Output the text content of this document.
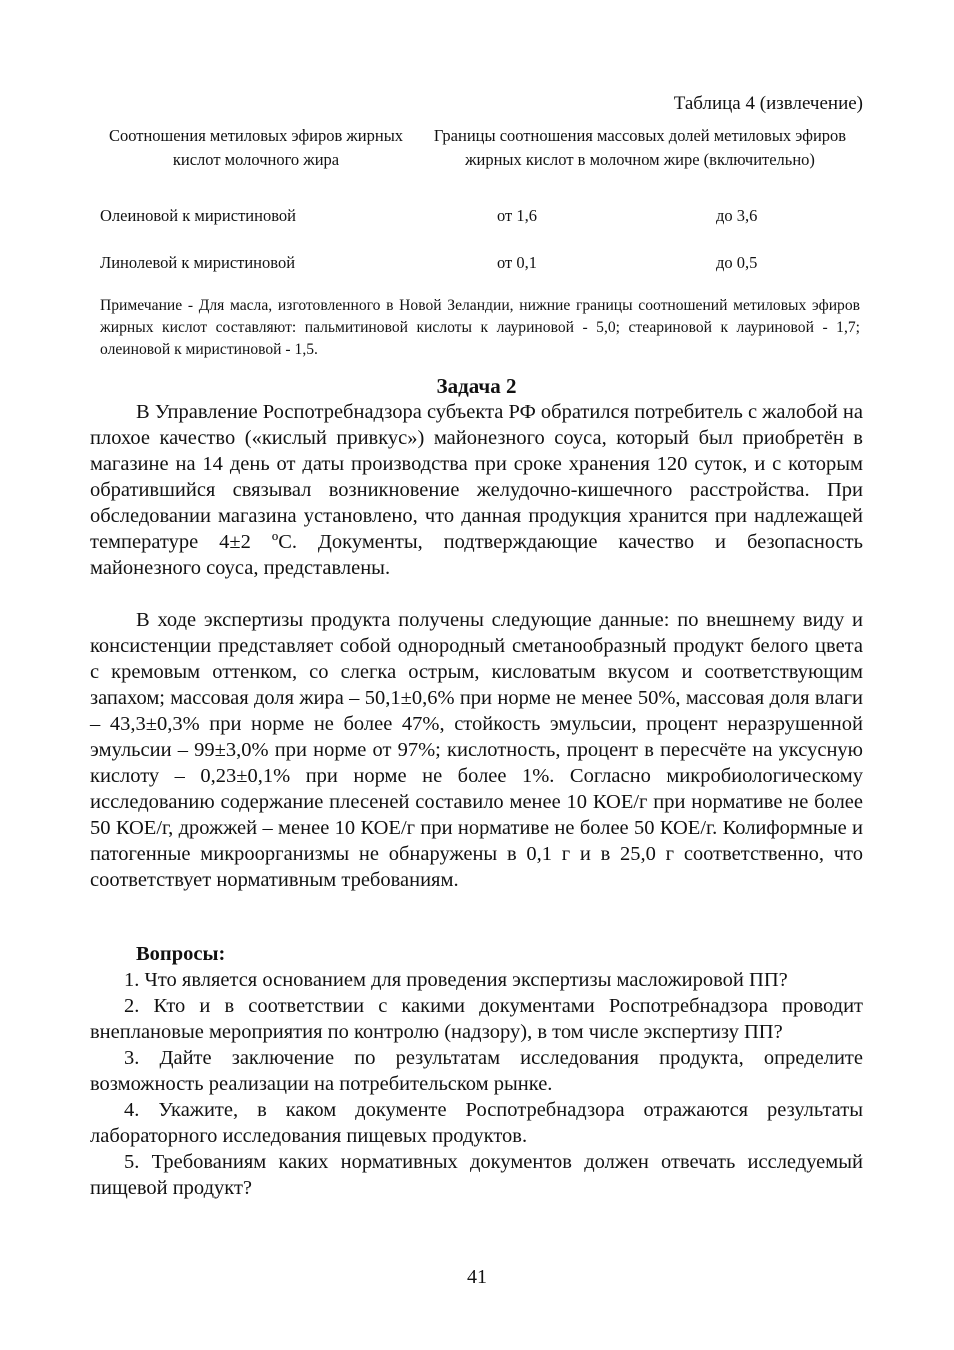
Таблица 4 (извлечение)
Соотношения метиловых эфиров жирных кислот молочного жира
Границы соотношения массовых долей метиловых эфиров жирных кислот в молочном жире (включительно)
Олеиновой к миристиновой	от 1,6	до 3,6
Линолевой к миристиновой	от 0,1	до 0,5
Примечание - Для масла, изготовленного в Новой Зеландии, нижние границы соотношений метиловых эфиров жирных кислот составляют: пальмитиновой кислоты к лауриновой - 5,0; стеариновой к лауриновой - 1,7; олеиновой к миристиновой - 1,5.
Задача 2
В Управление Роспотребнадзора субъекта РФ обратился потребитель с жалобой на плохое качество («кислый привкус») майонезного соуса, который был приобретён в магазине на 14 день от даты производства при сроке хранения 120 суток, и с которым обратившийся связывал возникновение желудочно-кишечного расстройства. При обследовании магазина установлено, что данная продукция хранится при надлежащей температуре 4±2 ºС. Документы, подтверждающие качество и безопасность майонезного соуса, представлены.
В ходе экспертизы продукта получены следующие данные: по внешнему виду и консистенции представляет собой однородный сметанообразный продукт белого цвета с кремовым оттенком, со слегка острым, кисловатым вкусом и соответствующим запахом; массовая доля жира – 50,1±0,6% при норме не менее 50%, массовая доля влаги – 43,3±0,3% при норме не более 47%, стойкость эмульсии, процент неразрушенной эмульсии – 99±3,0% при норме от 97%; кислотность, процент в пересчёте на уксусную кислоту – 0,23±0,1% при норме не более 1%. Согласно микробиологическому исследованию содержание плесеней составило менее 10 КОЕ/г при нормативе не более 50 КОЕ/г, дрожжей – менее 10 КОЕ/г при нормативе не более 50 КОЕ/г. Колиформные и патогенные микроорганизмы не обнаружены в 0,1 г и в 25,0 г соответственно, что соответствует нормативным требованиям.
Вопросы:
1. Что является основанием для проведения экспертизы масложировой ПП?
2. Кто и в соответствии с какими документами Роспотребнадзора проводит внеплановые мероприятия по контролю (надзору), в том числе экспертизу ПП?
3. Дайте заключение по результатам исследования продукта, определите возможность реализации на потребительском рынке.
4. Укажите, в каком документе Роспотребнадзора отражаются результаты лабораторного исследования пищевых продуктов.
5. Требованиям каких нормативных документов должен отвечать исследуемый пищевой продукт?
41
